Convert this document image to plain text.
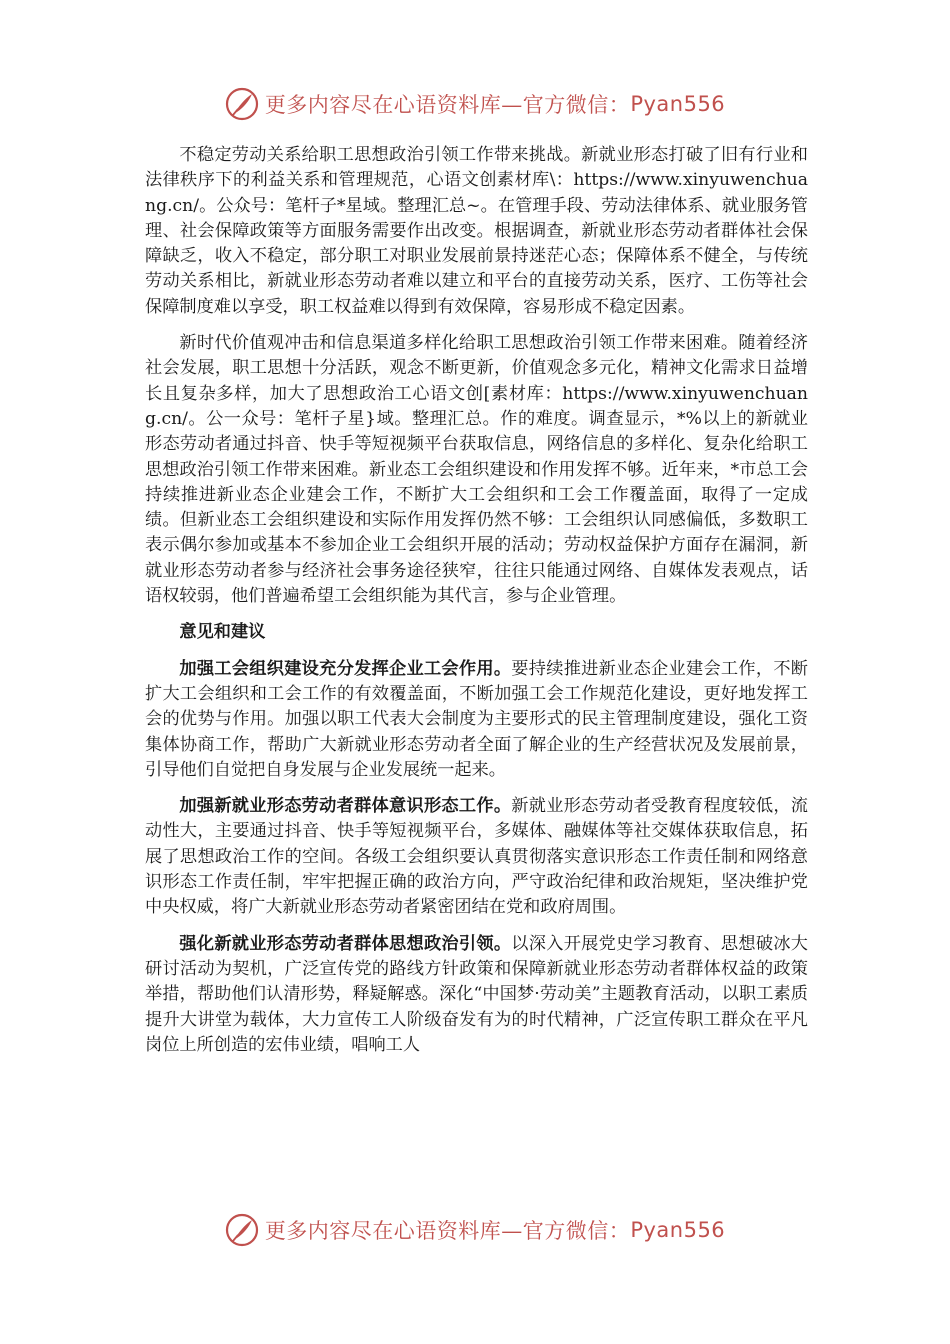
更多内容尽在心语资料库—官方微信： Pyan556

不稳定劳动关系给职工思想政治引领工作带来挑战。新就业形态打破了旧有行业和法律秩序下的利益关系和管理规范，心语文创素材库\：https://www.xinyuwenchuang.cn/。公众号：笔杆子*星域。整理汇总~。在管理手段、劳动法律体系、就业服务管理、社会保障政策等方面服务需要作出改变。根据调查，新就业形态劳动者群体社会保障缺乏，收入不稳定，部分职工对职业发展前景持迷茫心态；保障体系不健全，与传统劳动关系相比，新就业形态劳动者难以建立和平台的直接劳动关系，医疗、工伤等社会保障制度难以享受，职工权益难以得到有效保障，容易形成不稳定因素。

新时代价值观冲击和信息渠道多样化给职工思想政治引领工作带来困难。随着经济社会发展，职工思想十分活跃，观念不断更新，价值观念多元化，精神文化需求日益增长且复杂多样，加大了思想政治工心语文创[素材库：https://www.xinyuwenchuang.cn/。公一众号：笔杆子星}域。整理汇总。作的难度。调查显示，*%以上的新就业形态劳动者通过抖音、快手等短视频平台获取信息，网络信息的多样化、复杂化给职工思想政治引领工作带来困难。新业态工会组织建设和作用发挥不够。近年来，*市总工会持续推进新业态企业建会工作，不断扩大工会组织和工会工作覆盖面，取得了一定成绩。但新业态工会组织建设和实际作用发挥仍然不够：工会组织认同感偏低，多数职工表示偶尔参加或基本不参加企业工会组织开展的活动；劳动权益保护方面存在漏洞，新就业形态劳动者参与经济社会事务途径狭窄，往往只能通过网络、自媒体发表观点，话语权较弱，他们普遍希望工会组织能为其代言，参与企业管理。

意见和建议

加强工会组织建设充分发挥企业工会作用。要持续推进新业态企业建会工作，不断扩大工会组织和工会工作的有效覆盖面，不断加强工会工作规范化建设，更好地发挥工会的优势与作用。加强以职工代表大会制度为主要形式的民主管理制度建设，强化工资集体协商工作，帮助广大新就业形态劳动者全面了解企业的生产经营状况及发展前景，引导他们自觉把自身发展与企业发展统一起来。

加强新就业形态劳动者群体意识形态工作。新就业形态劳动者受教育程度较低，流动性大，主要通过抖音、快手等短视频平台，多媒体、融媒体等社交媒体获取信息，拓展了思想政治工作的空间。各级工会组织要认真贯彻落实意识形态工作责任制和网络意识形态工作责任制，牢牢把握正确的政治方向，严守政治纪律和政治规矩，坚决维护党中央权威，将广大新就业形态劳动者紧密团结在党和政府周围。

强化新就业形态劳动者群体思想政治引领。以深入开展党史学习教育、思想破冰大研讨活动为契机，广泛宣传党的路线方针政策和保障新就业形态劳动者群体权益的政策举措，帮助他们认清形势，释疑解惑。深化“中国梦·劳动美”主题教育活动，以职工素质提升大讲堂为载体，大力宣传工人阶级奋发有为的时代精神，广泛宣传职工群众在平凡岗位上所创造的宏伟业绩，唱响工人

更多内容尽在心语资料库—官方微信： Pyan556
